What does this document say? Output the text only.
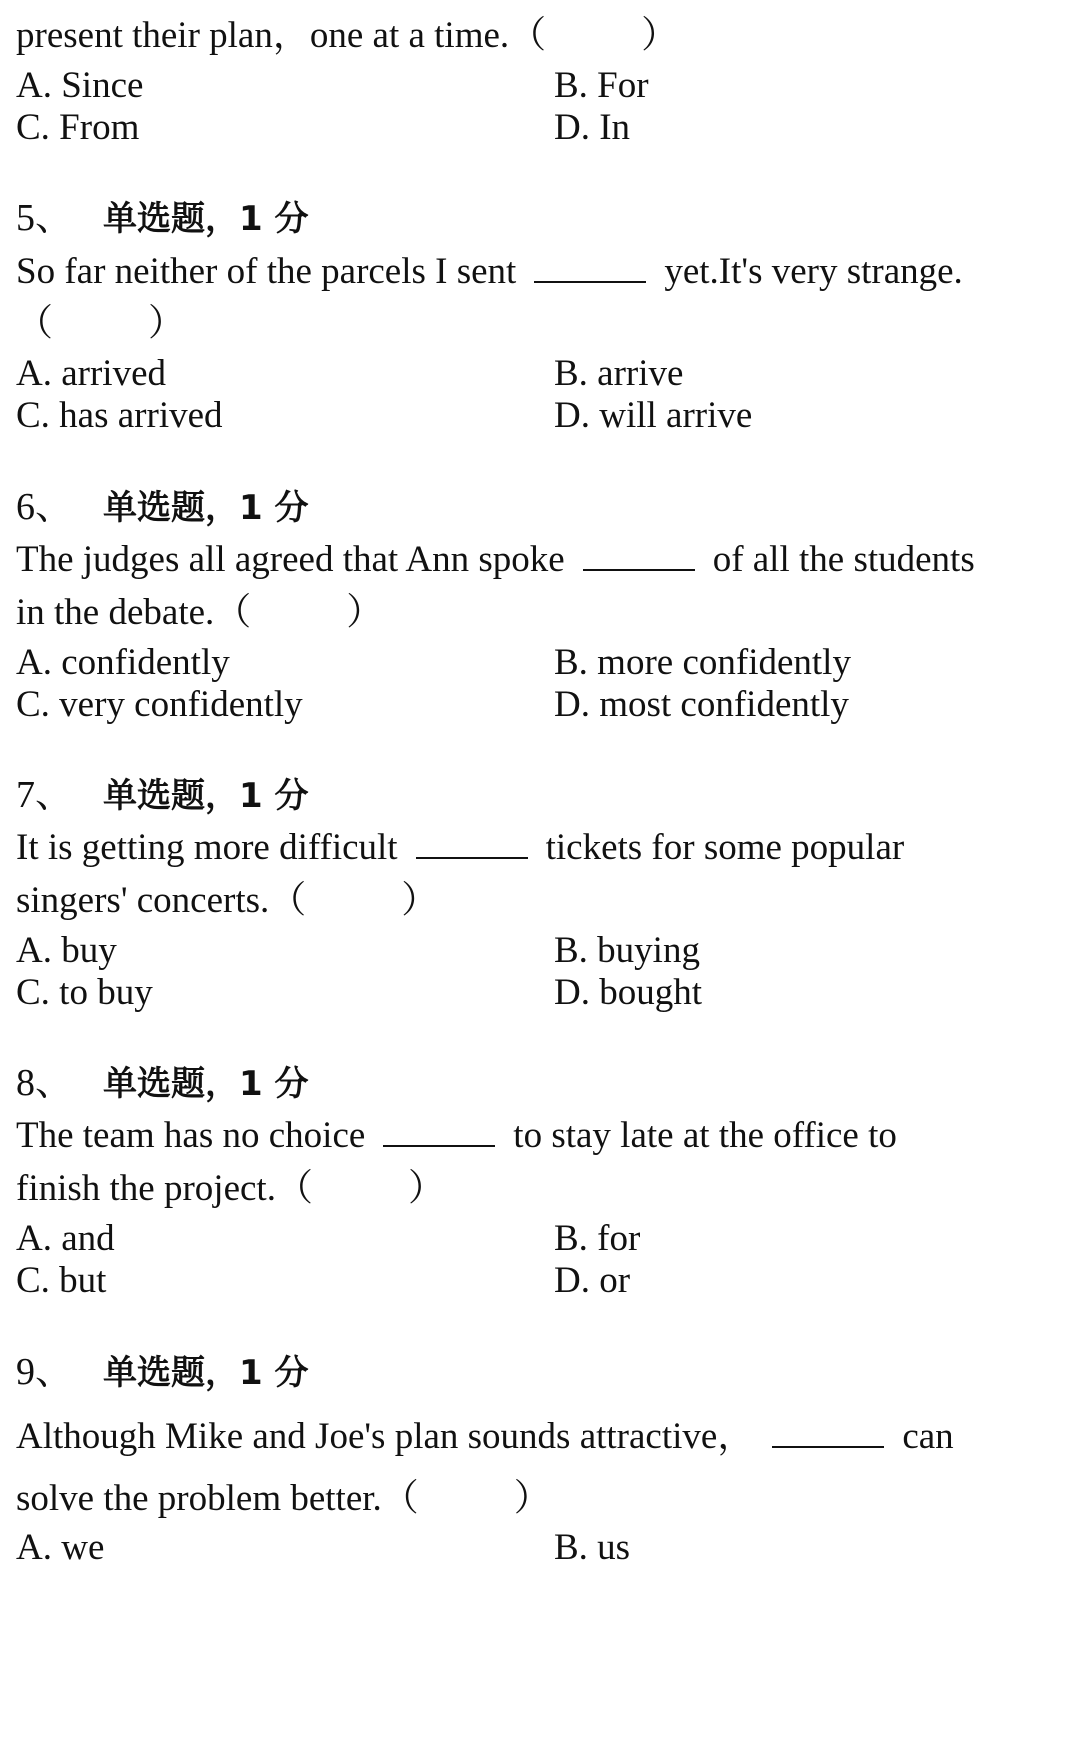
present their plan，one at a time.（	）
A. Since	B. For
C. From	D. In
5、 单选题，1 分
So far neither of the parcels I sent	yet.It's very strange.
（	）
A. arrived	B. arrive
C. has arrived	D. will arrive
6、 单选题，1 分
The judges all agreed that Ann spoke	of all the students
in the debate.（	）
A. confidently	B. more confidently
C. very confidently	D. most confidently
7、 单选题，1 分
It is getting more difficult	tickets for some popular
singers' concerts.（	）
A. buy	B. buying
C. to buy	D. bought
8、 单选题，1 分
The team has no choice	to stay late at the office to
finish the project.（	）
A. and	B. for
C. but	D. or
9、 单选题，1 分
Although Mike and Joe's plan sounds attractive，	can
solve the problem better.（	）
A. we	B. us
